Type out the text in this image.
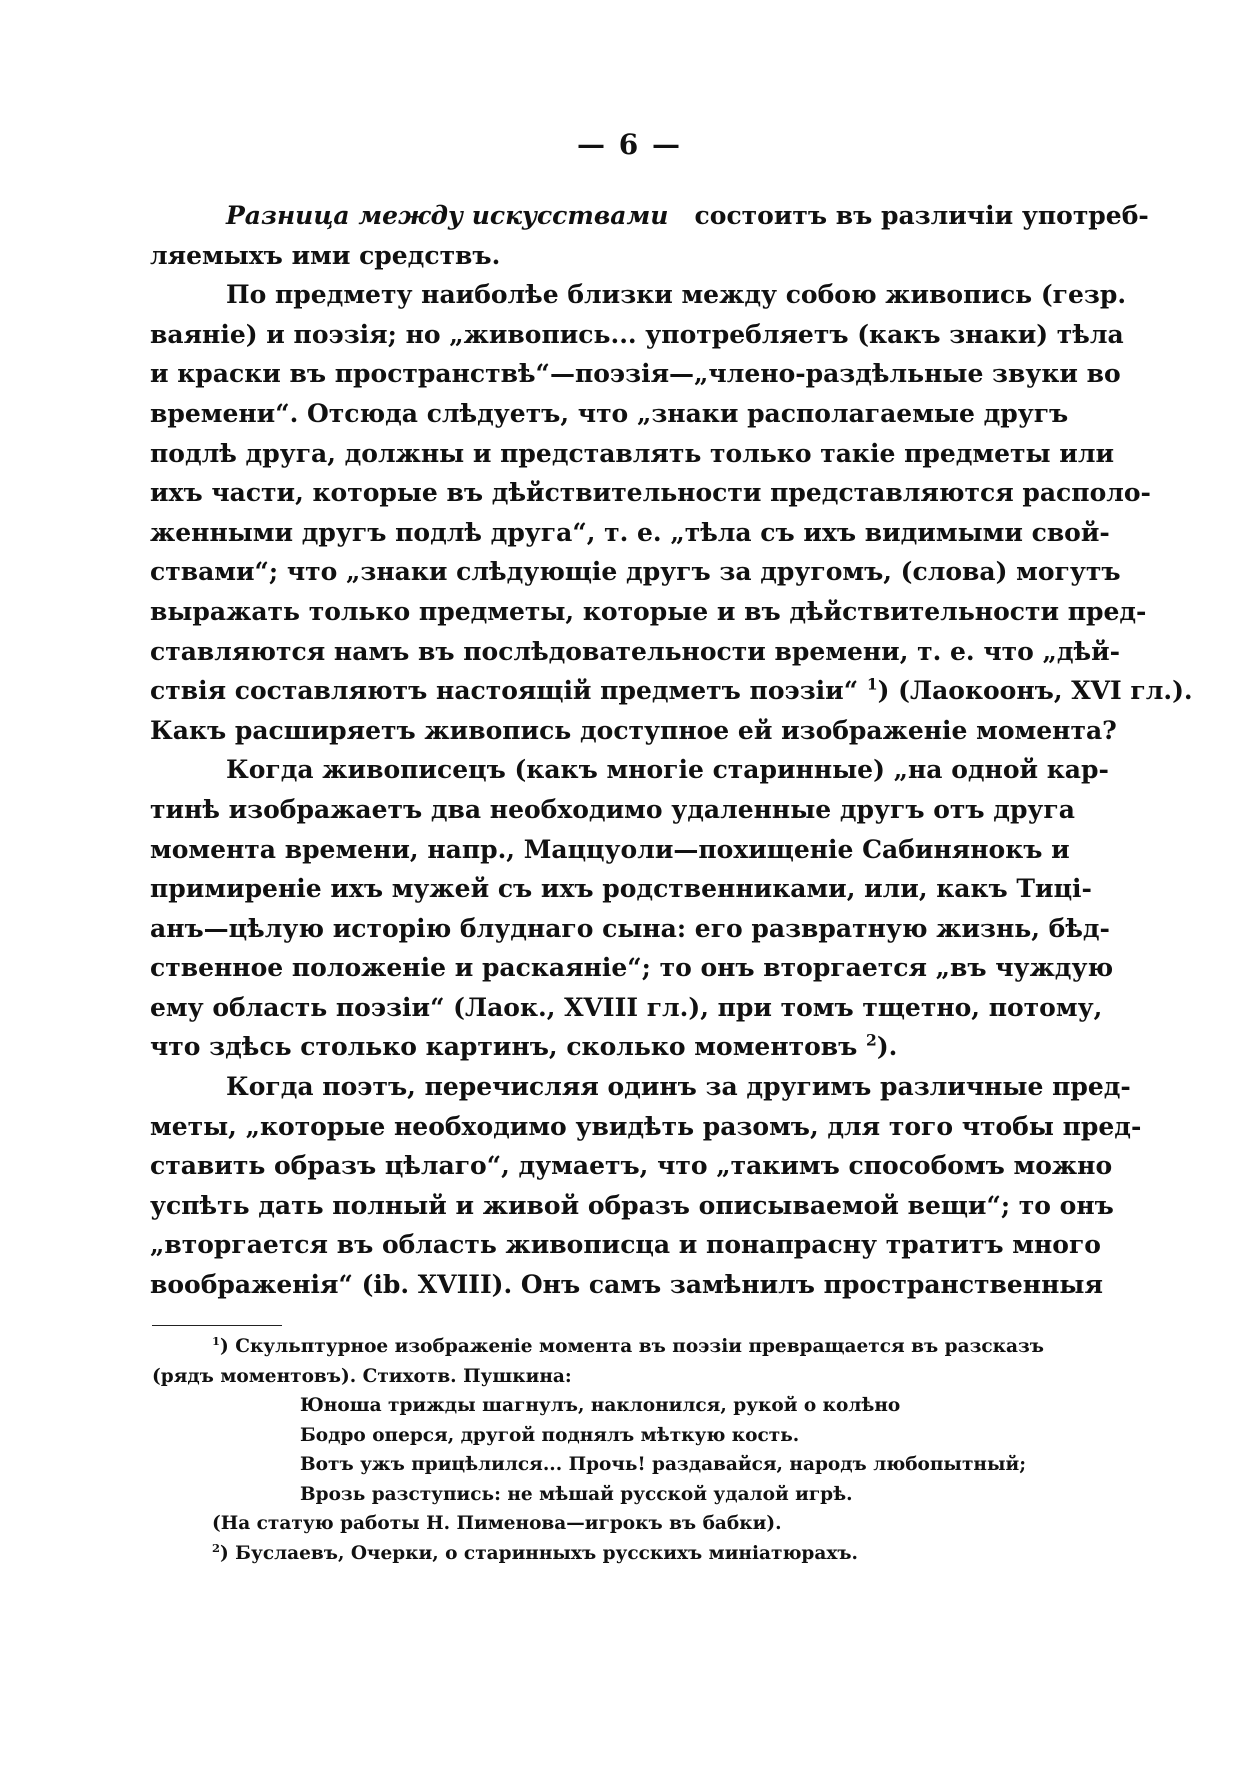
— 6 —
Разница между искусствами состоитъ въ различіи употреб-
ляемыхъ ими средствъ.
По предмету наиболѣе близки между собою живопись (гезр.
ваяніе) и поэзія; но „живопись... употребляетъ (какъ знаки) тѣла
и краски въ пространствѣ“—поэзія—„члено-раздѣльные звуки во
времени“. Отсюда слѣдуетъ, что „знаки располагаемые другъ
подлѣ друга, должны и представлять только такіе предметы или
ихъ части, которые въ дѣйствительности представляются располо-
женными другъ подлѣ друга“, т. е. „тѣла съ ихъ видимыми свой-
ствами“; что „знаки слѣдующіе другъ за другомъ, (слова) могутъ
выражать только предметы, которые и въ дѣйствительности пред-
ставляются намъ въ послѣдовательности времени, т. е. что „дѣй-
ствія составляютъ настоящій предметъ поэзіи“ $^1$) (Лаокоонъ, XVI гл.).
Какъ расширяетъ живопись доступное ей изображеніе момента?
Когда живописецъ (какъ многіе старинные) „на одной кар-
тинѣ изображаетъ два необходимо удаленные другъ отъ друга
момента времени, напр., Маццуоли—похищеніе Сабинянокъ и
примиреніе ихъ мужей съ ихъ родственниками, или, какъ Тиці-
анъ—цѣлую исторію блуднаго сына: его развратную жизнь, бѣд-
ственное положеніе и раскаяніе“; то онъ вторгается „въ чуждую
ему область поэзіи“ (Лаок., XVIII гл.), при томъ тщетно, потому,
что здѣсь столько картинъ, сколько моментовъ $^2$).
Когда поэтъ, перечисляя одинъ за другимъ различные пред-
меты, „которые необходимо увидѣть разомъ, для того чтобы пред-
ставить образъ цѣлаго“, думаетъ, что „такимъ способомъ можно
успѣть дать полный и живой образъ описываемой вещи“; то онъ
„вторгается въ область живописца и понапрасну тратитъ много
воображенія“ (ib. XVIII). Онъ самъ замѣнилъ пространственныя
$^1$) Скульптурное изображеніе момента въ поэзіи превращается въ разсказъ
(рядъ моментовъ). Стихотв. Пушкина:
Юноша трижды шагнулъ, наклонился, рукой о колѣно
Бодро оперся, другой поднялъ мѣткую кость.
Вотъ ужъ прицѣлился... Прочь! раздавайся, народъ любопытный;
Врозь разступись: не мѣшай русской удалой игрѣ.
(На статую работы Н. Пименова—игрокъ въ бабки).
$^2$) Буслаевъ, Очерки, о старинныхъ русскихъ миніатюрахъ.
